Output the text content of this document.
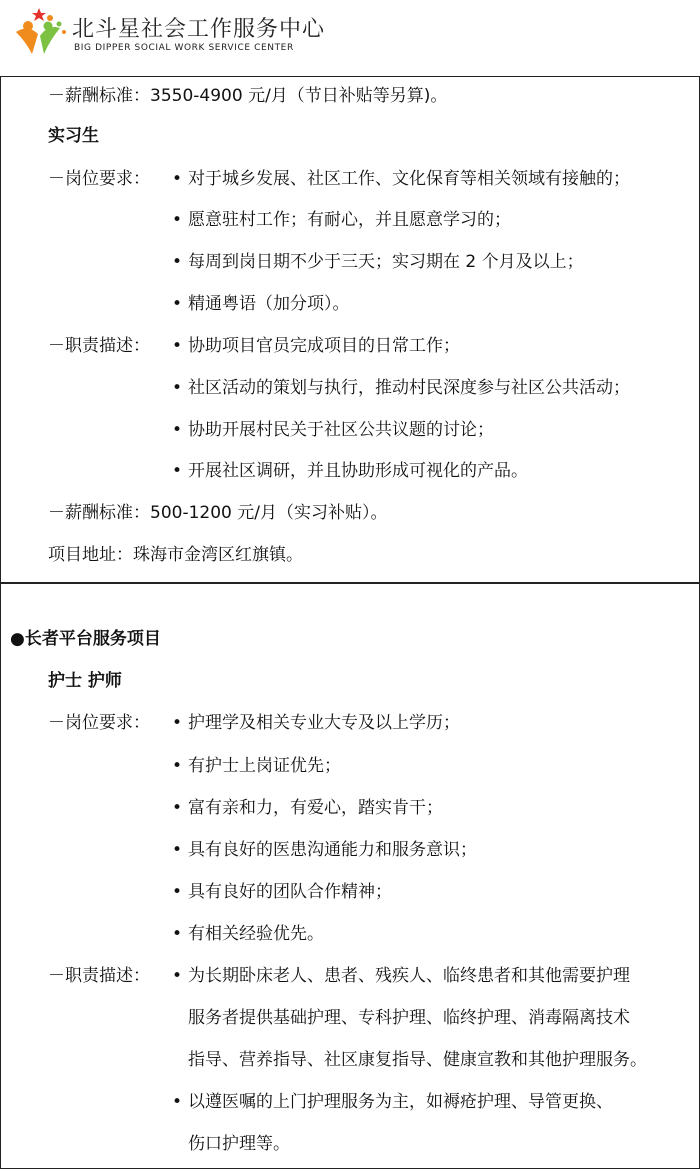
北斗星社会工作服务中心
BIG DIPPER SOCIAL WORK SERVICE CENTER
－薪酬标准：3550-4900 元/月（节日补贴等另算)。
实习生
－岗位要求： • 对于城乡发展、社区工作、文化保育等相关领域有接触的；
• 愿意驻村工作；有耐心，并且愿意学习的；
• 每周到岗日期不少于三天；实习期在 2 个月及以上；
• 精通粤语（加分项）。
－职责描述： • 协助项目官员完成项目的日常工作；
• 社区活动的策划与执行，推动村民深度参与社区公共活动；
• 协助开展村民关于社区公共议题的讨论；
• 开展社区调研，并且协助形成可视化的产品。
－薪酬标准：500-1200 元/月（实习补贴）。
项目地址：珠海市金湾区红旗镇。
●长者平台服务项目
护士 护师
－岗位要求： • 护理学及相关专业大专及以上学历；
• 有护士上岗证优先；
• 富有亲和力，有爱心，踏实肯干；
• 具有良好的医患沟通能力和服务意识；
• 具有良好的团队合作精神；
• 有相关经验优先。
－职责描述： • 为长期卧床老人、患者、残疾人、临终患者和其他需要护理
服务者提供基础护理、专科护理、临终护理、消毒隔离技术
指导、营养指导、社区康复指导、健康宣教和其他护理服务。
• 以遵医嘱的上门护理服务为主，如褥疮护理、导管更换、
伤口护理等。
